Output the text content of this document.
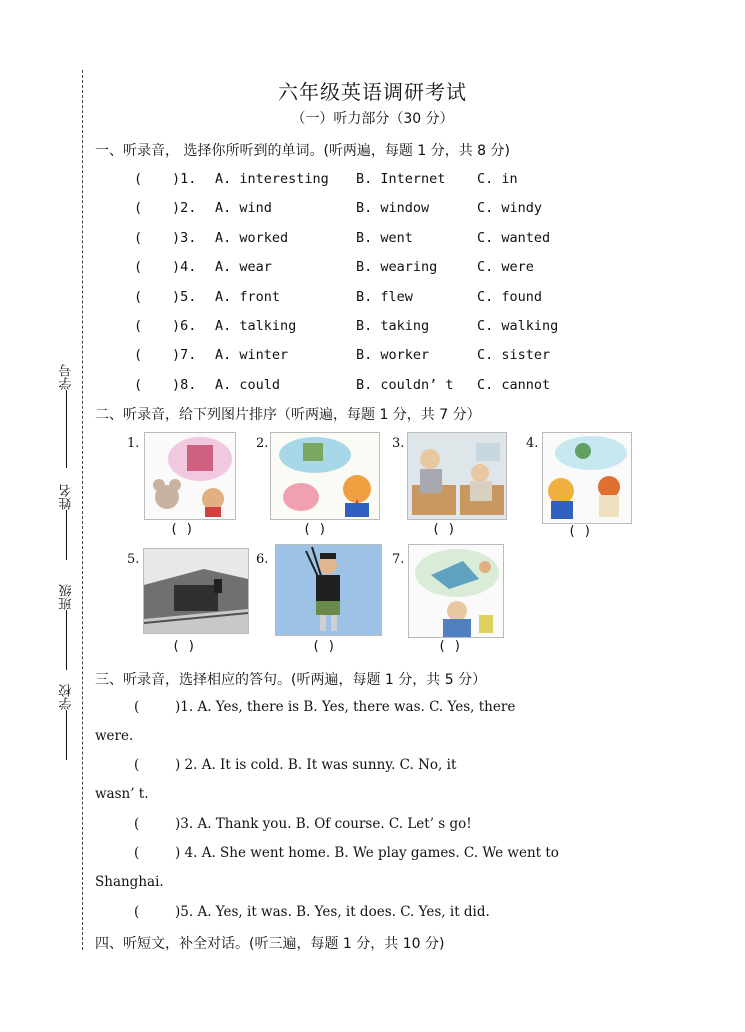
学号
姓名
班级
学校
六年级英语调研考试
（一）听力部分（30 分）
一、听录音， 选择你所听到的单词。(听两遍，每题 1 分，共 8 分)
( )1. A. interesting B. Internet C. in
( )2. A. wind	B. window	C. windy
( )3. A. worked	B. went	C. wanted
( )4. A. wear	B. wearing	C. were
( )5. A. front	B. flew	C. found
( )6. A. talking	B. taking	C. walking
( )7. A. winter	B. worker	C. sister
( )8. A. could	B. couldn’ t C. cannot
二、听录音，给下列图片排序（听两遍，每题 1 分，共 7 分）
1.
( )
2.
( )
3.
( )
4.
( )
5.
( )
6.
( )
7.
( )
三、听录音，选择相应的答句。(听两遍，每题 1 分，共 5 分）
(	)1. A. Yes, there is B. Yes, there was. C. Yes, there
were.
(	) 2. A. It is cold. B. It was sunny. C. No, it
wasn’ t.
(	)3. A. Thank you. B. Of course. C. Let’ s go!
(	) 4. A. She went home. B. We play games. C. We went to
Shanghai.
(	)5. A. Yes, it was. B. Yes, it does. C. Yes, it did.
四、听短文，补全对话。(听三遍，每题 1 分，共 10 分)
